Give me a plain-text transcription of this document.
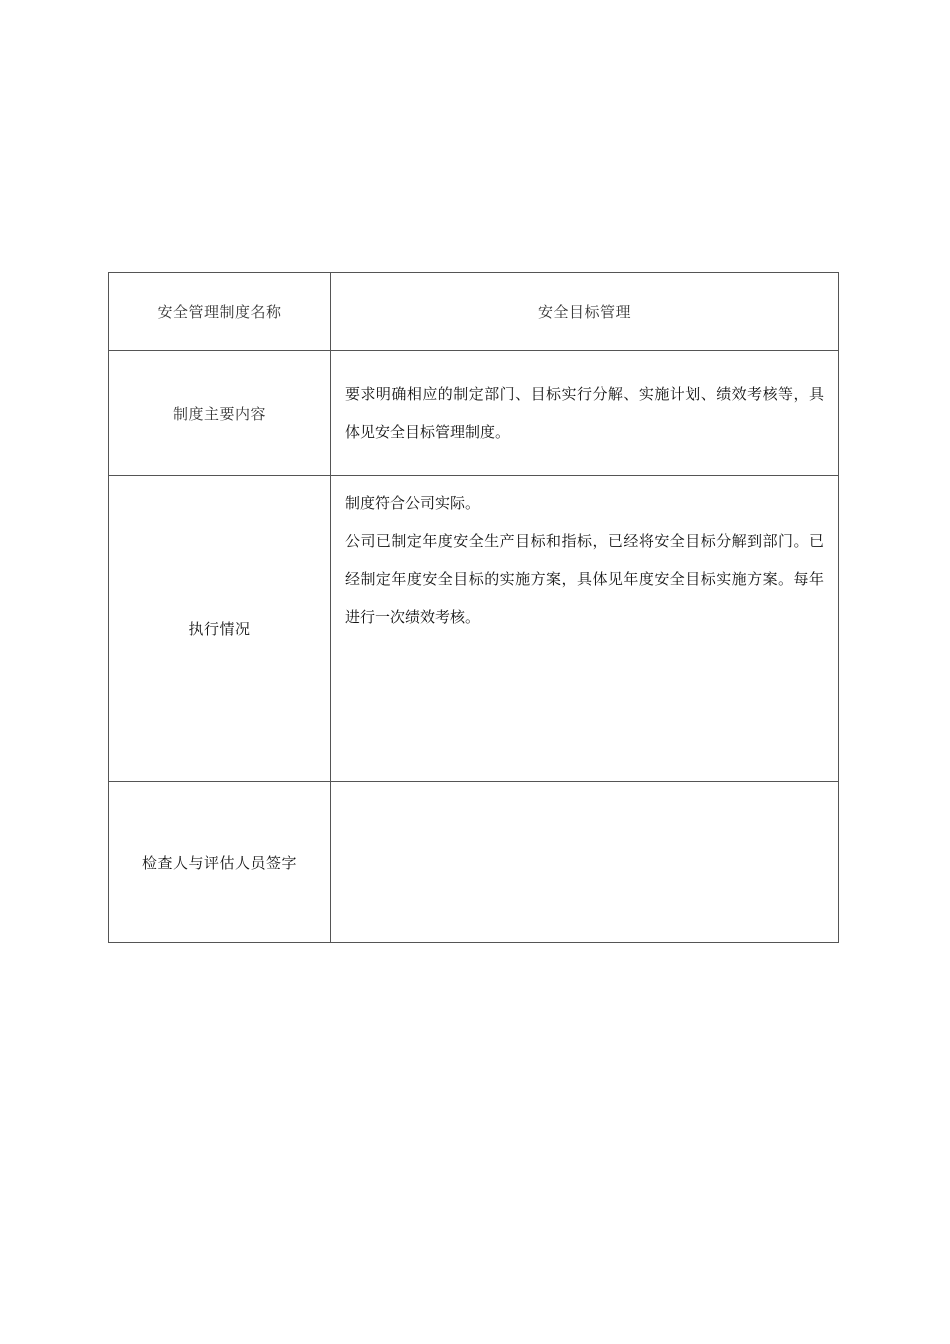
安全管理制度名称	安全目标管理
制度主要内容	要求明确相应的制定部门、目标实行分解、实施计划、绩效考核等，具体见安全目标管理制度。
执行情况	制度符合公司实际。

公司已制定年度安全生产目标和指标，已经将安全目标分解到部门。已经制定年度安全目标的实施方案，具体见年度安全目标实施方案。每年进行一次绩效考核。

检查人与评估人员签字	
